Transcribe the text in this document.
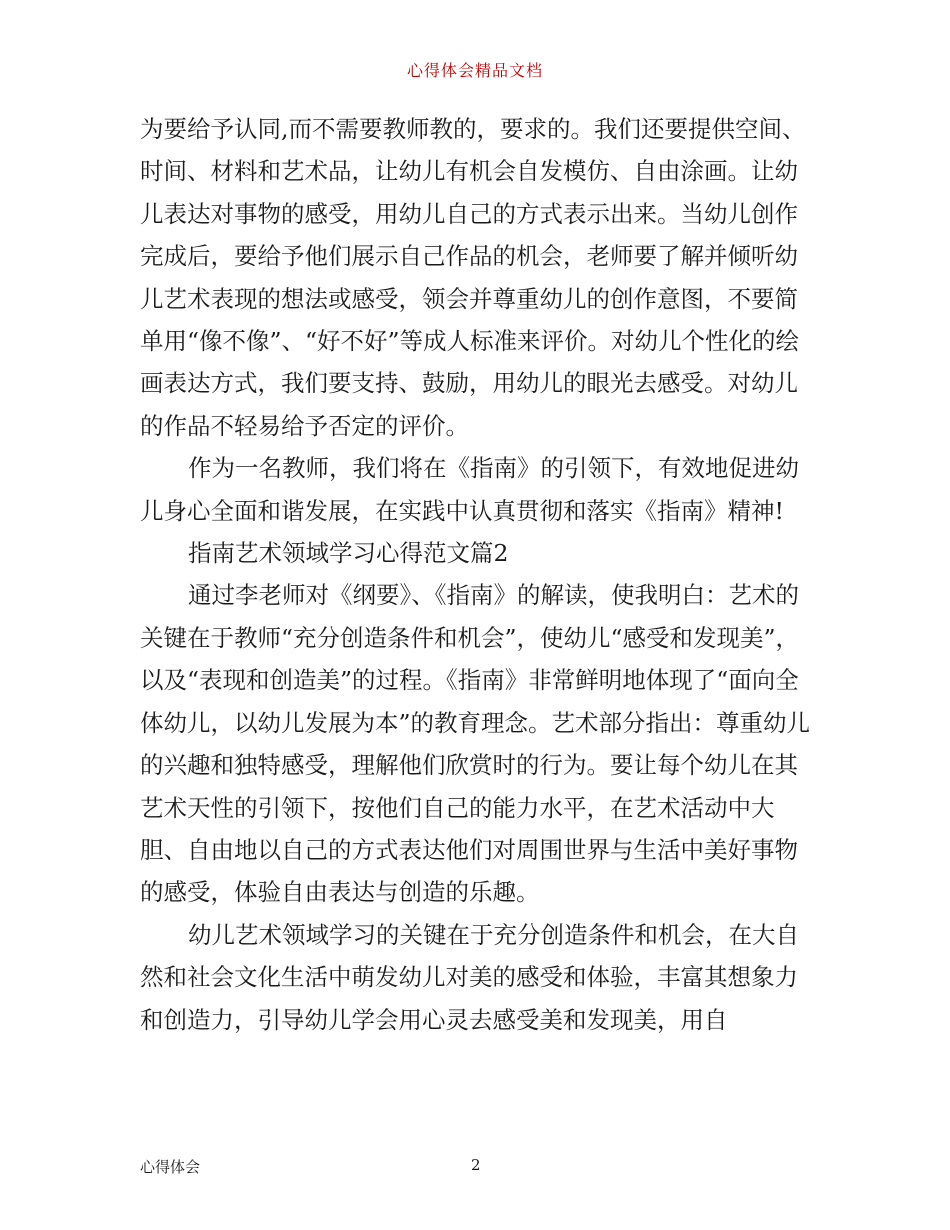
心得体会精品文档

为要给予认同,而不需要教师教的，要求的。我们还要提供空间、时间、材料和艺术品，让幼儿有机会自发模仿、自由涂画。让幼儿表达对事物的感受，用幼儿自己的方式表示出来。当幼儿创作完成后，要给予他们展示自己作品的机会，老师要了解并倾听幼儿艺术表现的想法或感受，领会并尊重幼儿的创作意图，不要简单用“像不像”、“好不好”等成人标准来评价。对幼儿个性化的绘画表达方式，我们要支持、鼓励，用幼儿的眼光去感受。对幼儿的作品不轻易给予否定的评价。

作为一名教师，我们将在《指南》的引领下，有效地促进幼儿身心全面和谐发展，在实践中认真贯彻和落实《指南》精神!

指南艺术领域学习心得范文篇2

通过李老师对《纲要》、《指南》的解读，使我明白：艺术的关键在于教师“充分创造条件和机会”，使幼儿“感受和发现美”，以及“表现和创造美”的过程。《指南》非常鲜明地体现了“面向全体幼儿，以幼儿发展为本”的教育理念。艺术部分指出：尊重幼儿的兴趣和独特感受，理解他们欣赏时的行为。要让每个幼儿在其艺术天性的引领下，按他们自己的能力水平，在艺术活动中大胆、自由地以自己的方式表达他们对周围世界与生活中美好事物的感受，体验自由表达与创造的乐趣。

幼儿艺术领域学习的关键在于充分创造条件和机会，在大自然和社会文化生活中萌发幼儿对美的感受和体验，丰富其想象力和创造力，引导幼儿学会用心灵去感受美和发现美，用自

心得体会	2
